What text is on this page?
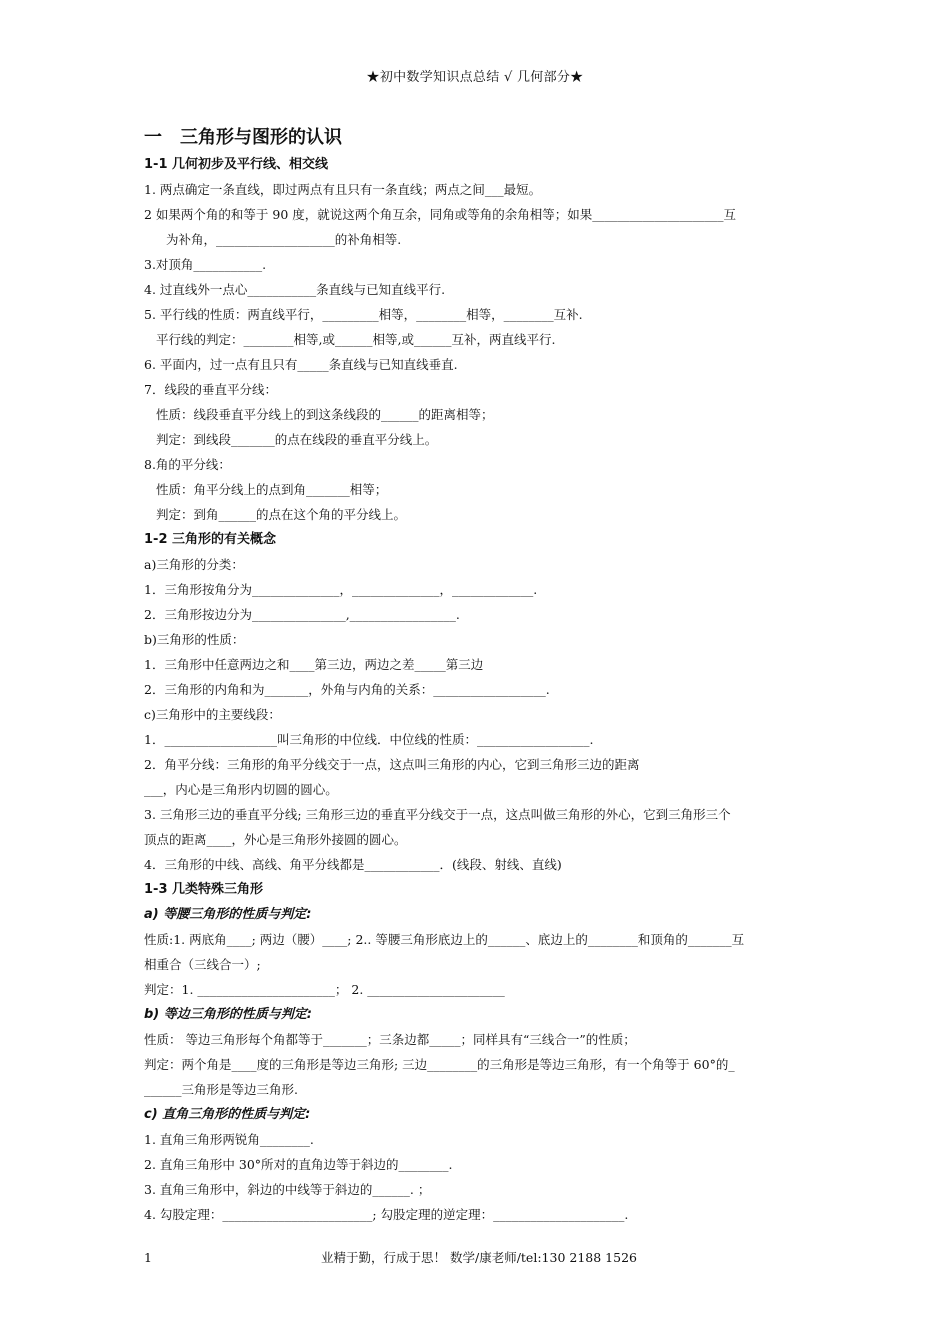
★初中数学知识点总结 √ 几何部分★
一　三角形与图形的认识
1-1 几何初步及平行线、相交线
1. 两点确定一条直线，即过两点有且只有一条直线；两点之间___最短。
2 如果两个角的和等于 90 度，就说这两个角互余，同角或等角的余角相等；如果_____________________互
为补角，___________________的补角相等.
3.对顶角___________.
4. 过直线外一点心___________条直线与已知直线平行.
5. 平行线的性质：两直线平行，_________相等，________相等，________互补.
平行线的判定：________相等,或______相等,或______互补，两直线平行.
6. 平面内，过一点有且只有_____条直线与已知直线垂直.
7．线段的垂直平分线：
性质：线段垂直平分线上的到这条线段的______的距离相等；
判定：到线段_______的点在线段的垂直平分线上。
8.角的平分线：
性质：角平分线上的点到角_______相等；
判定：到角______的点在这个角的平分线上。
1-2 三角形的有关概念
a)三角形的分类：
1．三角形按角分为______________，______________，_____________.
2．三角形按边分为_______________,_________________.
b)三角形的性质：
1．三角形中任意两边之和____第三边，两边之差_____第三边
2．三角形的内角和为_______，外角与内角的关系：__________________.
c)三角形中的主要线段：
1．__________________叫三角形的中位线．中位线的性质：__________________.
2．角平分线：三角形的角平分线交于一点，这点叫三角形的内心，它到三角形三边的距离
___，内心是三角形内切圆的圆心。
3. 三角形三边的垂直平分线; 三角形三边的垂直平分线交于一点，这点叫做三角形的外心，它到三角形三个
顶点的距离____，外心是三角形外接圆的圆心。
4．三角形的中线、高线、角平分线都是____________．(线段、射线、直线)
1-3 几类特殊三角形
a) 等腰三角形的性质与判定:
性质:1. 两底角____; 两边（腰）____; 2.. 等腰三角形底边上的______、底边上的________和顶角的_______互
相重合（三线合一）;
判定：1. ______________________； 2. ______________________
b) 等边三角形的性质与判定:
性质： 等边三角形每个角都等于_______；三条边都_____；同样具有“三线合一”的性质；
判定：两个角是____度的三角形是等边三角形; 三边________的三角形是等边三角形，有一个角等于 60°的_
______三角形是等边三角形.
c) 直角三角形的性质与判定:
1. 直角三角形两锐角________.
2. 直角三角形中 30°所对的直角边等于斜边的________.
3. 直角三角形中，斜边的中线等于斜边的______. ；
4. 勾股定理：________________________; 勾股定理的逆定理：_____________________.
1	业精于勤，行成于思！ 数学/康老师/tel:130 2188 1526
